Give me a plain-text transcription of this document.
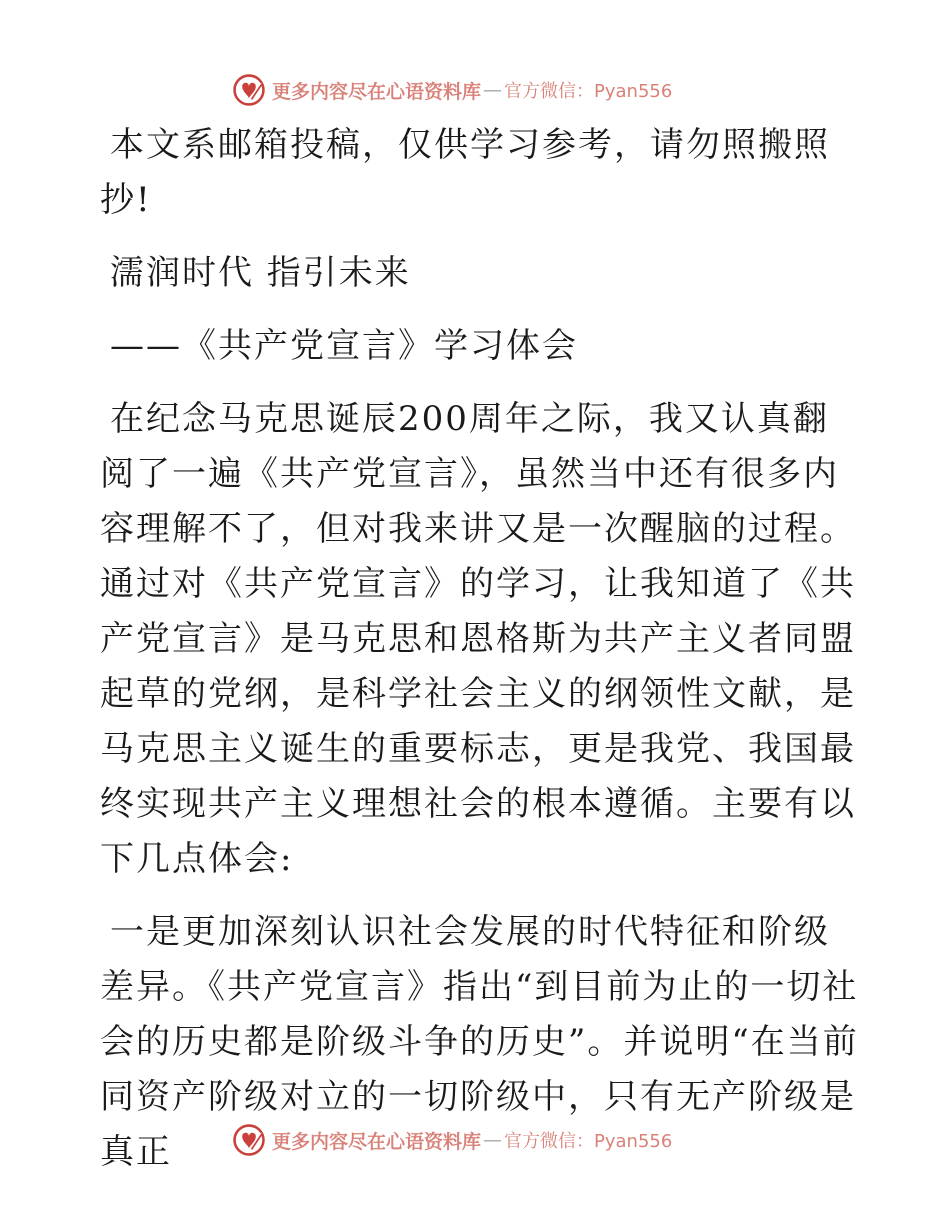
更多内容尽在心语资料库 — 官方微信：Pyan556

本文系邮箱投稿，仅供学习参考，请勿照搬照抄!

濡润时代 指引未来

——《共产党宣言》学习体会

在纪念马克思诞辰200周年之际，我又认真翻阅了一遍《共产党宣言》，虽然当中还有很多内容理解不了，但对我来讲又是一次醒脑的过程。通过对《共产党宣言》的学习，让我知道了《共产党宣言》是马克思和恩格斯为共产主义者同盟起草的党纲，是科学社会主义的纲领性文献，是马克思主义诞生的重要标志，更是我党、我国最终实现共产主义理想社会的根本遵循。主要有以下几点体会:

一是更加深刻认识社会发展的时代特征和阶级差异。《共产党宣言》指出“到目前为止的一切社会的历史都是阶级斗争的历史”。并说明“在当前同资产阶级对立的一切阶级中，只有无产阶级是真正	更多内容尽在心语资料库 — 官方微信：Pyan556
